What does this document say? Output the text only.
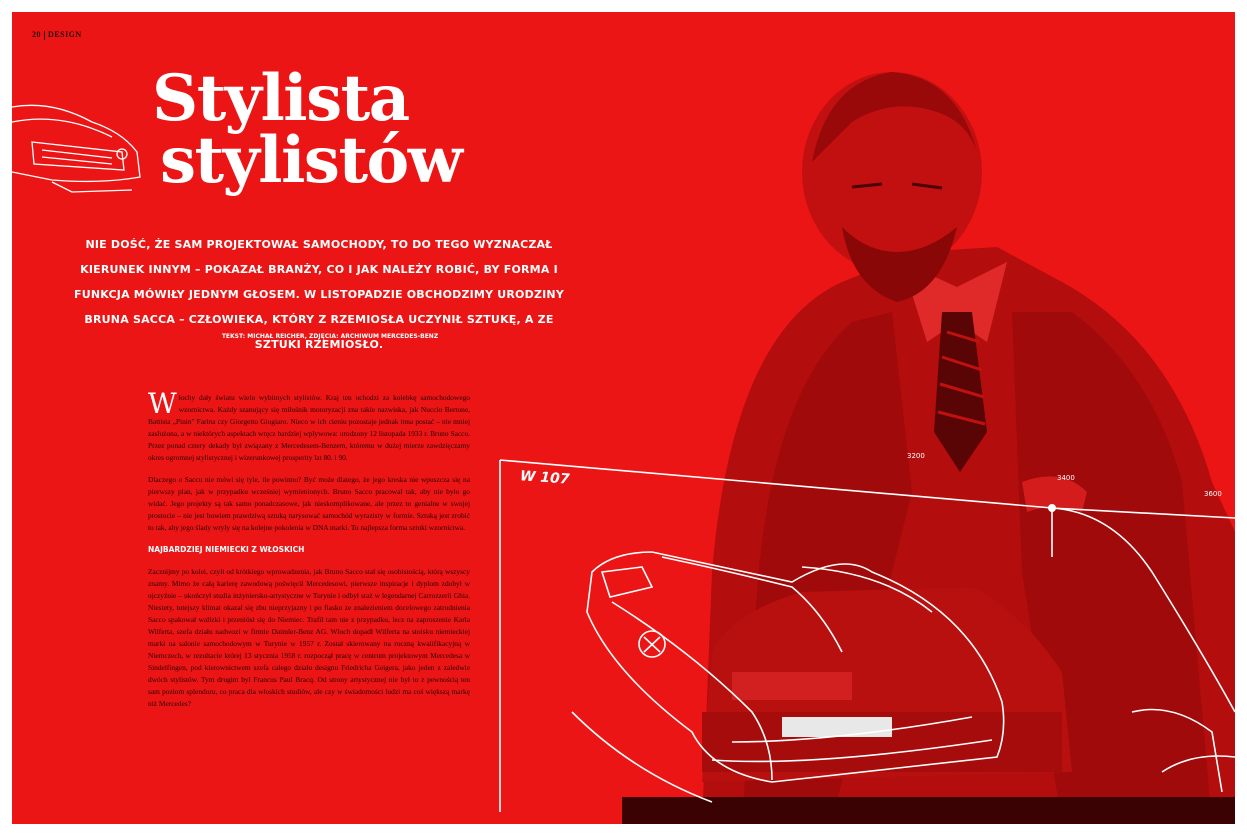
W 107
3200
3400
3600
20 DESIGN
Stylista
stylistów
NIE DOŚĆ, ŻE SAM PROJEKTOWAŁ SAMOCHODY, TO DO TEGO WYZNACZAŁ KIERUNEK INNYM – POKAZAŁ BRANŻY, CO I JAK NALEŻY ROBIĆ, BY FORMA I FUNKCJA MÓWIŁY JEDNYM GŁOSEM. W LISTOPADZIE OBCHODZIMY URODZINY BRUNA SACCA – CZŁOWIEKA, KTÓRY Z RZEMIOSŁA UCZYNIŁ SZTUKĘ, A ZE SZTUKI RZEMIOSŁO.
TEKST: MICHAŁ REICHER, ZDJĘCIA: ARCHIWUM MERCEDES-BENZ

Włochy dały światu wielu wybitnych stylistów. Kraj ten uchodzi za kolebkę samochodowego wzornictwa. Każdy szanujący się miłośnik motoryzacji zna takie nazwiska, jak Nuccio Bertone, Battista „Pinin" Farina czy Giorgetto Giugiaro. Nieco w ich cieniu pozostaje jednak inna postać – nie mniej zasłużona, a w niektórych aspektach wręcz bardziej wpływowa: urodzony 12 listopada 1933 r. Bruno Sacco. Przez ponad cztery dekady był związany z Mercedesem-Benzem, któremu w dużej mierze zawdzięczamy okres ogromnej stylistycznej i wizerunkowej prosperity lat 80. i 90.

Dlaczego o Saccu nie mówi się tyle, ile powinno? Być może dlatego, że jego kreska nie wpuszcza się na pierwszy plan, jak w przypadku wcześniej wymienionych. Bruno Sacco pracował tak, aby nie było go widać. Jego projekty są tak samo ponadczasowe, jak nieskomplikowane, ale przez to genialne w swojej prostocie – nie jest bowiem prawdziwą sztuką narysować samochód wyrazisty w formie. Sztuką jest zrobić to tak, aby jego ślady wryły się na kolejne pokolenia w DNA marki. To najlepsza forma sztuki wzornictwa.

NAJBARDZIEJ NIEMIECKI Z WŁOSKICH

Zacznijmy po kolei, czyli od krótkiego wprowadzenia, jak Bruno Sacco stał się osobistością, którą wszyscy znamy. Mimo że całą karierę zawodową poświęcił Mercedesowi, pierwsze inspiracje i dyplom zdobył w ojczyźnie – ukończył studia inżyniersko-artystyczne w Turynie i odbył staż w legendarnej Carrozzerii Ghia. Niestety, tutejszy klimat okazał się zbu nieprzyjazny i po fiasku ze znalezieniem docelowego zatrudnienia Sacco spakował walizki i przeniósł się do Niemiec. Trafił tam nie z przypadku, lecz na zaproszenie Karla Wilferta, szefa działu nadwozi w firmie Daimler-Benz AG. Włoch dopadł Wilferta na stoisku niemieckiej marki na salonie samochodowym w Turynie w 1957 r. Został skierowany na roczną kwalifikacyjną w Niemczech, w rezultacie której 13 stycznia 1958 r. rozpoczął pracę w centrum projektowym Mercedesa w Sindelfingen, pod kierownictwem szefa całego działu designu Friedricha Geigera, jako jeden z zaledwie dwóch stylistów. Tym drugim był Francus Paul Bracq. Od strony artystycznej nie był to z pewnością ten sam poziom splendoru, co praca dla włoskich studiów, ale czy w świadomości ludzi ma coś większą markę niż Mercedes?
